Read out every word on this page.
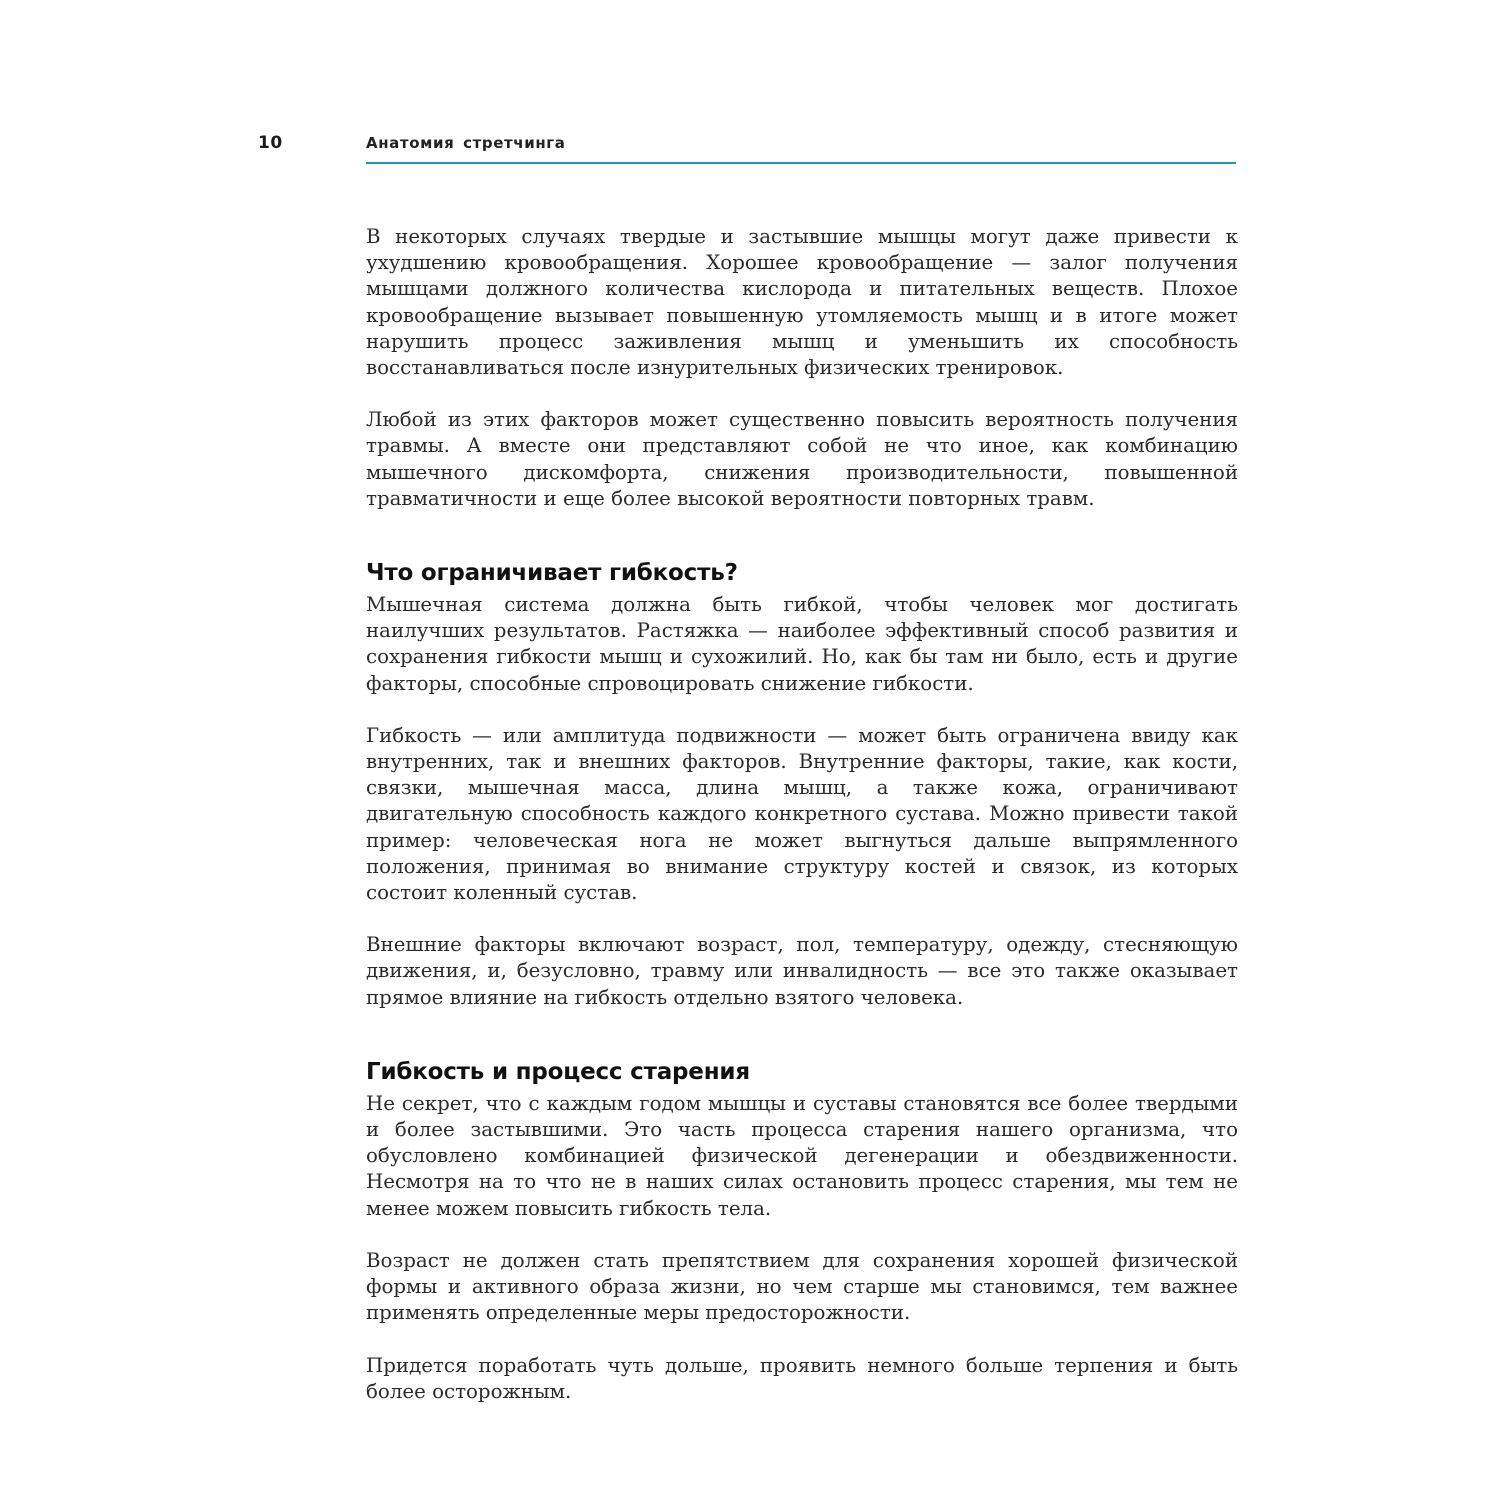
10	Анатомия стретчинга

В некоторых случаях твердые и застывшие мышцы могут даже привести к ухудшению кровообращения. Хорошее кровообращение — залог получения мышцами должного количества кислорода и питательных веществ. Плохое кровообращение вызывает повышенную утомляемость мышц и в итоге может нарушить процесс заживления мышц и уменьшить их способность восстанавливаться после изнурительных физических тренировок.

Любой из этих факторов может существенно повысить вероятность получения травмы. А вместе они представляют собой не что иное, как комбинацию мышечного дискомфорта, снижения производительности, повышенной травматичности и еще более высокой вероятности повторных травм.

Что ограничивает гибкость?

Мышечная система должна быть гибкой, чтобы человек мог достигать наилучших результатов. Растяжка — наиболее эффективный способ развития и сохранения гибкости мышц и сухожилий. Но, как бы там ни было, есть и другие факторы, способные спровоцировать снижение гибкости.

Гибкость — или амплитуда подвижности — может быть ограничена ввиду как внутренних, так и внешних факторов. Внутренние факторы, такие, как кости, связки, мышечная масса, длина мышц, а также кожа, ограничивают двигательную способность каждого конкретного сустава. Можно привести такой пример: человеческая нога не может выгнуться дальше выпрямленного положения, принимая во внимание структуру костей и связок, из которых состоит коленный сустав.

Внешние факторы включают возраст, пол, температуру, одежду, стесняющую движения, и, безусловно, травму или инвалидность — все это также оказывает прямое влияние на гибкость отдельно взятого человека.

Гибкость и процесс старения

Не секрет, что с каждым годом мышцы и суставы становятся все более твердыми и более застывшими. Это часть процесса старения нашего организма, что обусловлено комбинацией физической дегенерации и обездвиженности. Несмотря на то что не в наших силах остановить процесс старения, мы тем не менее можем повысить гибкость тела.

Возраст не должен стать препятствием для сохранения хорошей физической формы и активного образа жизни, но чем старше мы становимся, тем важнее применять определенные меры предосторожности.

Придется поработать чуть дольше, проявить немного больше терпения и быть более осторожным.
